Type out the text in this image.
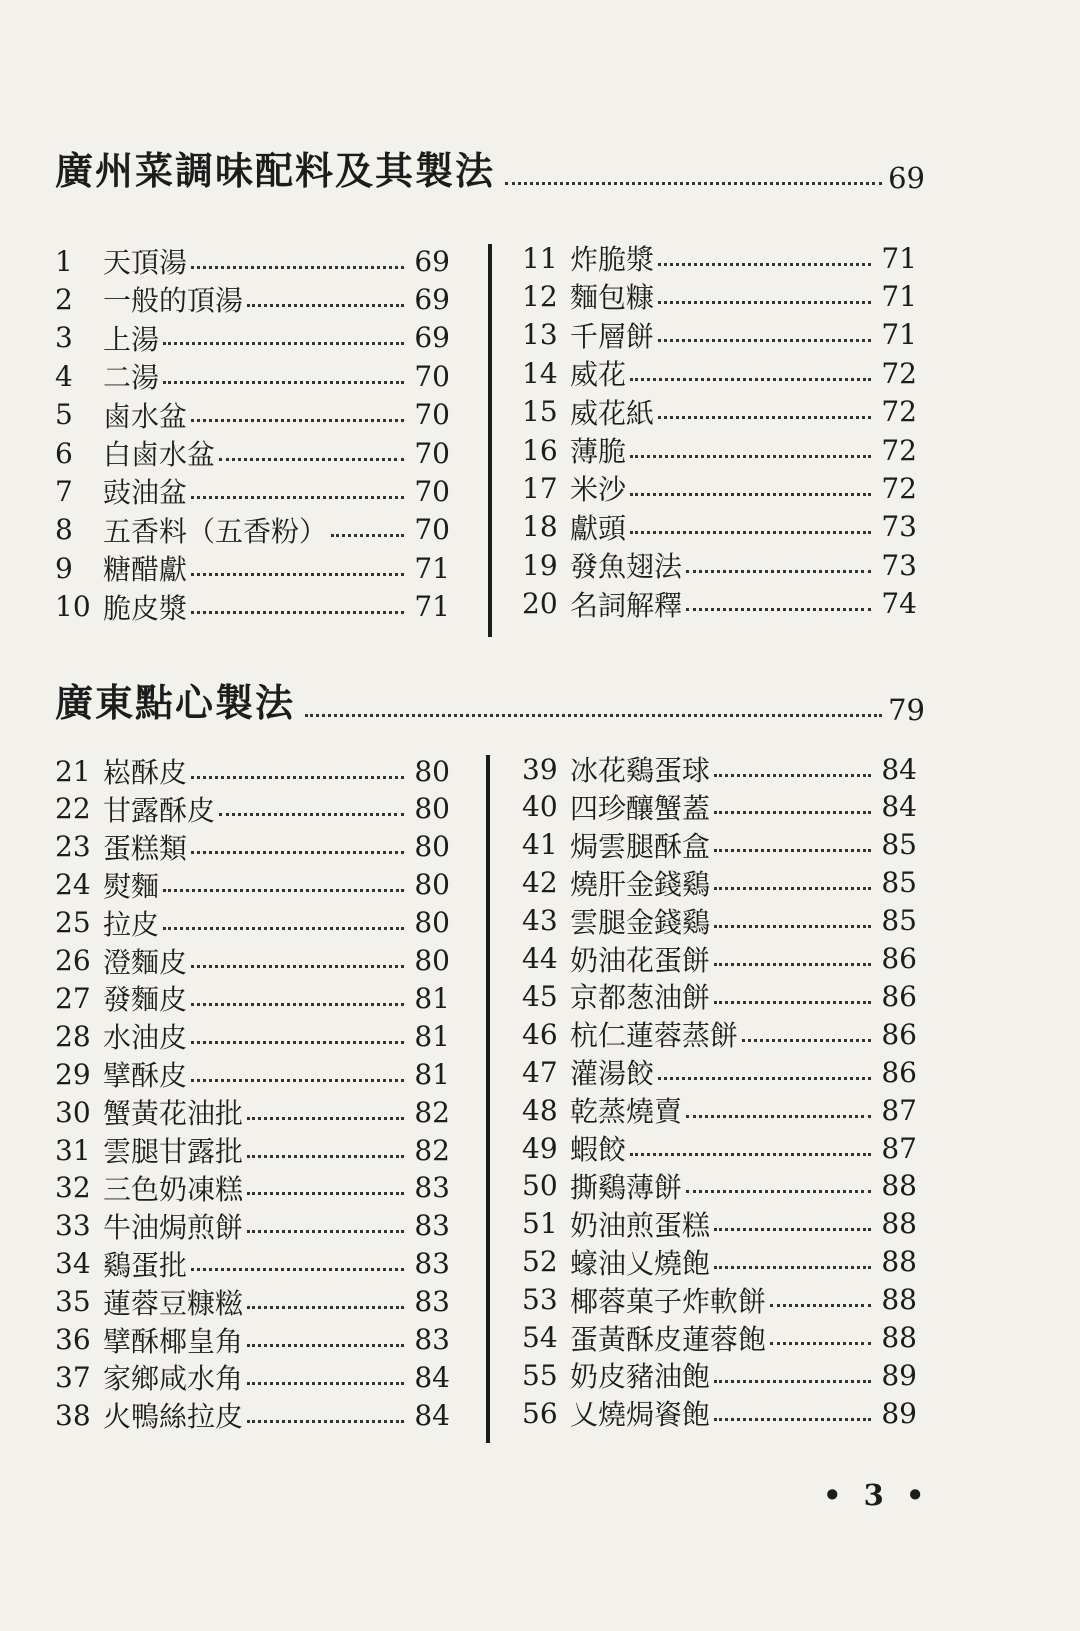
廣州菜調味配料及其製法	69
1	天頂湯	69
2	一般的頂湯	69
3	上湯	69
4	二湯	70
5	鹵水盆	70
6	白鹵水盆	70
7	豉油盆	70
8	五香料（五香粉）	70
9	糖醋獻	71
10 脆皮漿	71
11 炸脆漿	71
12 麵包糠	71
13 千層餅	71
14 威花	72
15 威花紙	72
16 薄脆	72
17 米沙	72
18 獻頭	73
19 發魚翅法	73
20 名詞解釋	74
廣東點心製法	79
21 崧酥皮	80
22 甘露酥皮	80
23 蛋糕類	80
24 熨麵	80
25 拉皮	80
26 澄麵皮	80
27 發麵皮	81
28 水油皮	81
29 擘酥皮	81
30 蟹黃花油批	82
31 雲腿甘露批	82
32 三色奶凍糕	83
33 牛油焗煎餅	83
34 鷄蛋批	83
35 蓮蓉豆糠糍	83
36 擘酥椰皇角	83
37 家鄉咸水角	84
38 火鴨絲拉皮	84
39 冰花鷄蛋球	84
40 四珍釀蟹蓋	84
41 焗雲腿酥盒	85
42 燒肝金錢鷄	85
43 雲腿金錢鷄	85
44 奶油花蛋餅	86
45 京都葱油餅	86
46 杭仁蓮蓉蒸餅	86
47 灌湯餃	86
48 乾蒸燒賣	87
49 蝦餃	87
50 撕鷄薄餅	88
51 奶油煎蛋糕	88
52 蠔油乂燒飽	88
53 椰蓉菓子炸軟餅	88
54 蛋黃酥皮蓮蓉飽	88
55 奶皮豬油飽	89
56 乂燒焗餈飽	89
• 3 •
